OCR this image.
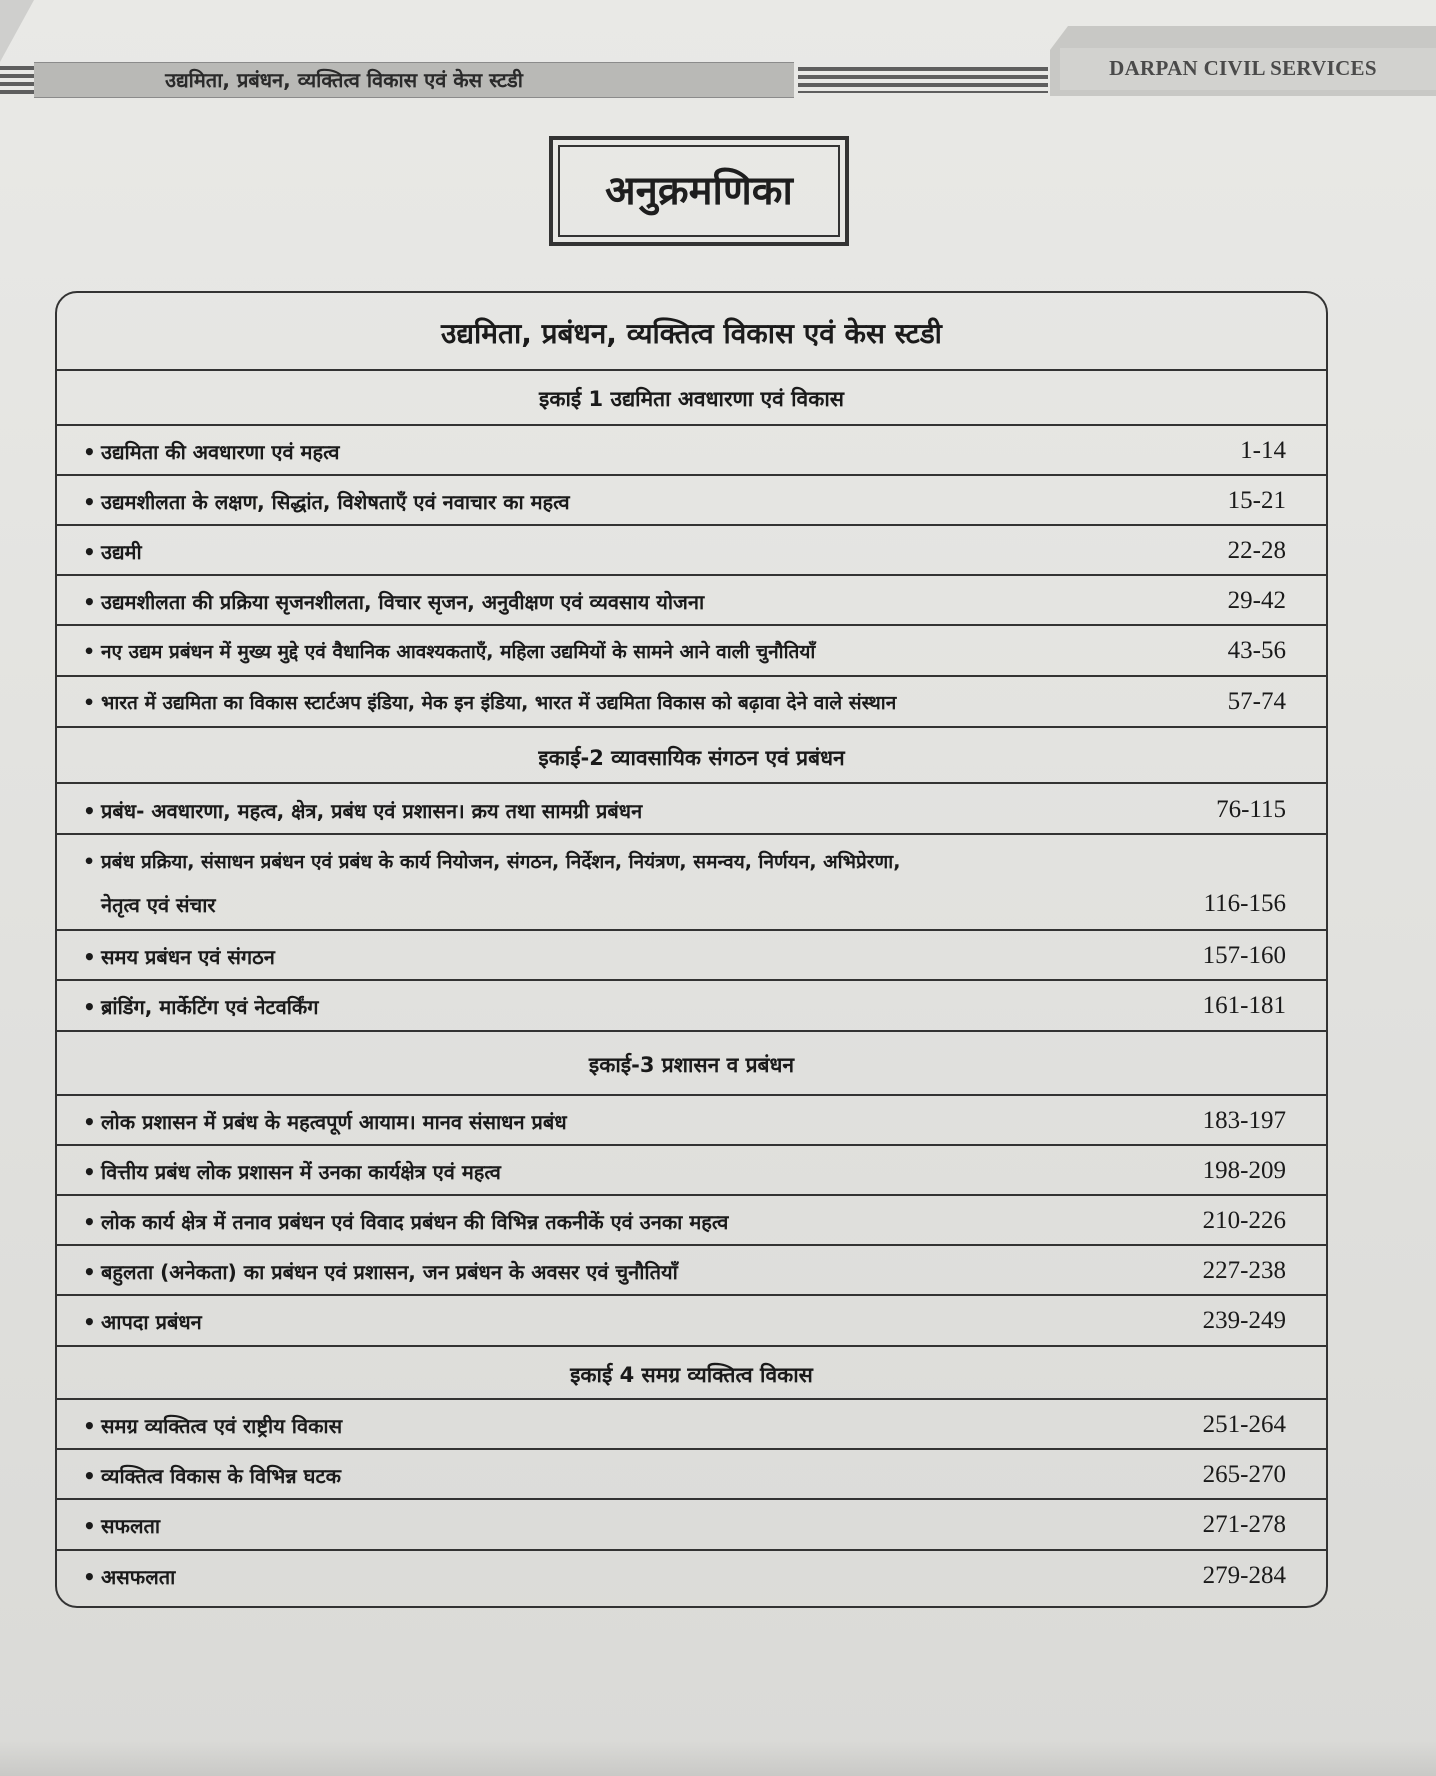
उद्यमिता, प्रबंधन, व्यक्तित्व विकास एवं केस स्टडी	DARPAN CIVIL SERVICES
अनुक्रमणिका
उद्यमिता, प्रबंधन, व्यक्तित्व विकास एवं केस स्टडी
इकाई 1 उद्यमिता अवधारणा एवं विकास
• उद्यमिता की अवधारणा एवं महत्व	1-14
• उद्यमशीलता के लक्षण, सिद्धांत, विशेषताएँ एवं नवाचार का महत्व	15-21
• उद्यमी	22-28
• उद्यमशीलता की प्रक्रिया सृजनशीलता, विचार सृजन, अनुवीक्षण एवं व्यवसाय योजना	29-42
• नए उद्यम प्रबंधन में मुख्य मुद्दे एवं वैधानिक आवश्यकताएँ, महिला उद्यमियों के सामने आने वाली चुनौतियाँ	43-56
• भारत में उद्यमिता का विकास स्टार्टअप इंडिया, मेक इन इंडिया, भारत में उद्यमिता विकास को बढ़ावा देने वाले संस्थान	57-74
इकाई-2 व्यावसायिक संगठन एवं प्रबंधन
• प्रबंध- अवधारणा, महत्व, क्षेत्र, प्रबंध एवं प्रशासन। क्रय तथा सामग्री प्रबंधन	76-115
• प्रबंध प्रक्रिया, संसाधन प्रबंधन एवं प्रबंध के कार्य नियोजन, संगठन, निर्देशन, नियंत्रण, समन्वय, निर्णयन, अभिप्रेरणा,
नेतृत्व एवं संचार	116-156
• समय प्रबंधन एवं संगठन	157-160
• ब्रांडिंग, मार्केटिंग एवं नेटवर्किंग	161-181
इकाई-3 प्रशासन व प्रबंधन
• लोक प्रशासन में प्रबंध के महत्वपूर्ण आयाम। मानव संसाधन प्रबंध	183-197
• वित्तीय प्रबंध लोक प्रशासन में उनका कार्यक्षेत्र एवं महत्व	198-209
• लोक कार्य क्षेत्र में तनाव प्रबंधन एवं विवाद प्रबंधन की विभिन्न तकनीकें एवं उनका महत्व	210-226
• बहुलता (अनेकता) का प्रबंधन एवं प्रशासन, जन प्रबंधन के अवसर एवं चुनौतियाँ	227-238
• आपदा प्रबंधन	239-249
इकाई 4 समग्र व्यक्तित्व विकास
• समग्र व्यक्तित्व एवं राष्ट्रीय विकास	251-264
• व्यक्तित्व विकास के विभिन्न घटक	265-270
• सफलता	271-278
• असफलता	279-284
